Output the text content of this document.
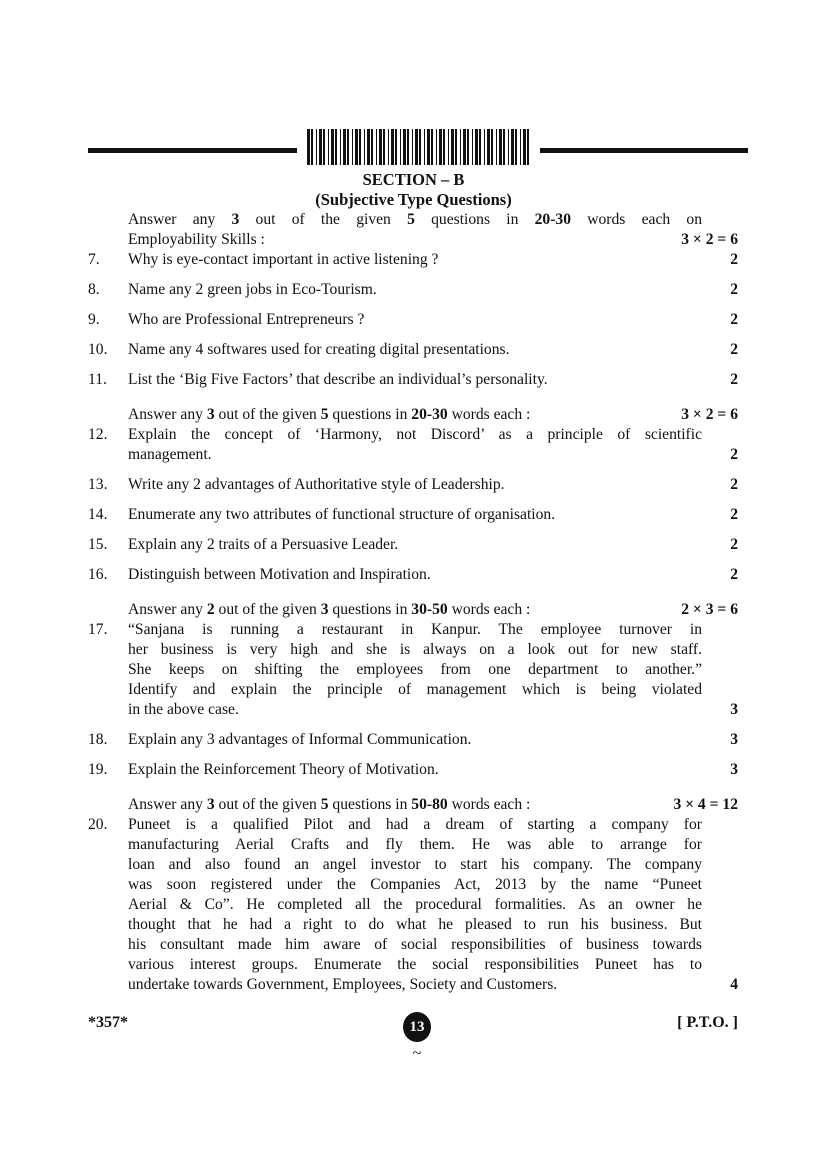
SECTION – B
(Subjective Type Questions)
Answer any 3 out of the given 5 questions in 20-30 words each on
Employability Skills :	3 × 2 = 6
7. Why is eye-contact important in active listening ?	2
8. Name any 2 green jobs in Eco-Tourism.	2
9. Who are Professional Entrepreneurs ?	2
10. Name any 4 softwares used for creating digital presentations.	2
11. List the ‘Big Five Factors’ that describe an individual’s personality.	2
Answer any 3 out of the given 5 questions in 20-30 words each :	3 × 2 = 6
12. Explain the concept of ‘Harmony, not Discord’ as a principle of scientific
management.	2
13. Write any 2 advantages of Authoritative style of Leadership.	2
14. Enumerate any two attributes of functional structure of organisation.	2
15. Explain any 2 traits of a Persuasive Leader.	2
16. Distinguish between Motivation and Inspiration.	2
Answer any 2 out of the given 3 questions in 30-50 words each :	2 × 3 = 6
17. “Sanjana is running a restaurant in Kanpur. The employee turnover in
her business is very high and she is always on a look out for new staff.
She keeps on shifting the employees from one department to another.”
Identify and explain the principle of management which is being violated
in the above case.	3
18. Explain any 3 advantages of Informal Communication.	3
19. Explain the Reinforcement Theory of Motivation.	3
Answer any 3 out of the given 5 questions in 50-80 words each :	3 × 4 = 12
20. Puneet is a qualified Pilot and had a dream of starting a company for
manufacturing Aerial Crafts and fly them. He was able to arrange for
loan and also found an angel investor to start his company. The company
was soon registered under the Companies Act, 2013 by the name “Puneet
Aerial & Co”. He completed all the procedural formalities. As an owner he
thought that he had a right to do what he pleased to run his business. But
his consultant made him aware of social responsibilities of business towards
various interest groups. Enumerate the social responsibilities Puneet has to
undertake towards Government, Employees, Society and Customers.	4
*357*	13
~
[ P.T.O. ]
